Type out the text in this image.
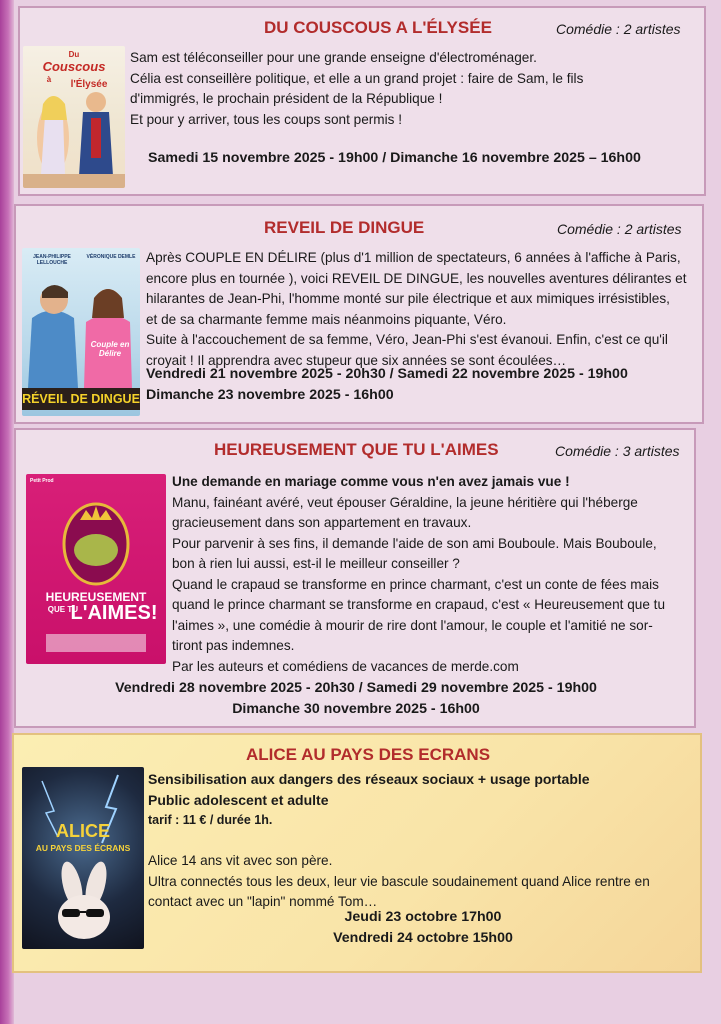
DU COUSCOUS A L'ÉLYSÉE	Comédie : 2 artistes
Du
Couscous
à	l'Élysée

Sam est téléconseiller pour une grande enseigne d'électroménager.

Célia est conseillère politique, et elle a un grand projet : faire de Sam, le fils

d'immigrés, le prochain président de la République !

Et pour y arriver, tous les coups sont permis !

Samedi 15 novembre 2025 - 19h00 / Dimanche 16 novembre 2025 – 16h00
REVEIL DE DINGUE	Comédie : 2 artistes
JEAN-PHILIPPE LELLOUCHE
VÉRONIQUE DEMLE
Couple en Délire
RÉVEIL DE DINGUE

Après COUPLE EN DÉLIRE (plus d'1 million de spectateurs, 6 années à l'affiche à Paris,

encore plus en tournée ), voici REVEIL DE DINGUE, les nouvelles aventures délirantes et

hilarantes de Jean-Phi, l'homme monté sur pile électrique et aux mimiques irrésistibles,

et de sa charmante femme mais néanmoins piquante, Véro.

Suite à l'accouchement de sa femme, Véro, Jean-Phi s'est évanoui. Enfin, c'est ce qu'il

croyait ! Il apprendra avec stupeur que six années se sont écoulées…

Vendredi 21 novembre 2025 - 20h30 / Samedi 22 novembre 2025 - 19h00
Dimanche 23 novembre 2025 - 16h00
HEUREUSEMENT QUE TU L'AIMES	Comédie : 3 artistes
Petit Prod
HEUREUSEMENT
QUE TU
L'AIMES!

Une demande en mariage comme vous n'en avez jamais vue !

Manu, fainéant avéré, veut épouser Géraldine, la jeune héritière qui l'héberge

gracieusement dans son appartement en travaux.

Pour parvenir à ses fins, il demande l'aide de son ami Bouboule. Mais Bouboule,

bon à rien lui aussi, est-il le meilleur conseiller ?

Quand le crapaud se transforme en prince charmant, c'est un conte de fées mais

quand le prince charmant se transforme en crapaud, c'est « Heureusement que tu

l'aimes », une comédie à mourir de rire dont l'amour, le couple et l'amitié ne sor-

tiront pas indemnes.

Par les auteurs et comédiens de vacances de merde.com

Vendredi 28 novembre 2025 - 20h30 / Samedi 29 novembre 2025 - 19h00
Dimanche 30 novembre 2025 - 16h00
ALICE AU PAYS DES ECRANS
ALICE
AU PAYS DES ÉCRANS

Sensibilisation aux dangers des réseaux sociaux + usage portable

Public adolescent et adulte

tarif : 11 € / durée 1h.

Alice 14 ans vit avec son père.

Ultra connectés tous les deux, leur vie bascule soudainement quand Alice rentre en

contact avec un "lapin" nommé Tom…

Jeudi 23 octobre 17h00
Vendredi 24 octobre 15h00
